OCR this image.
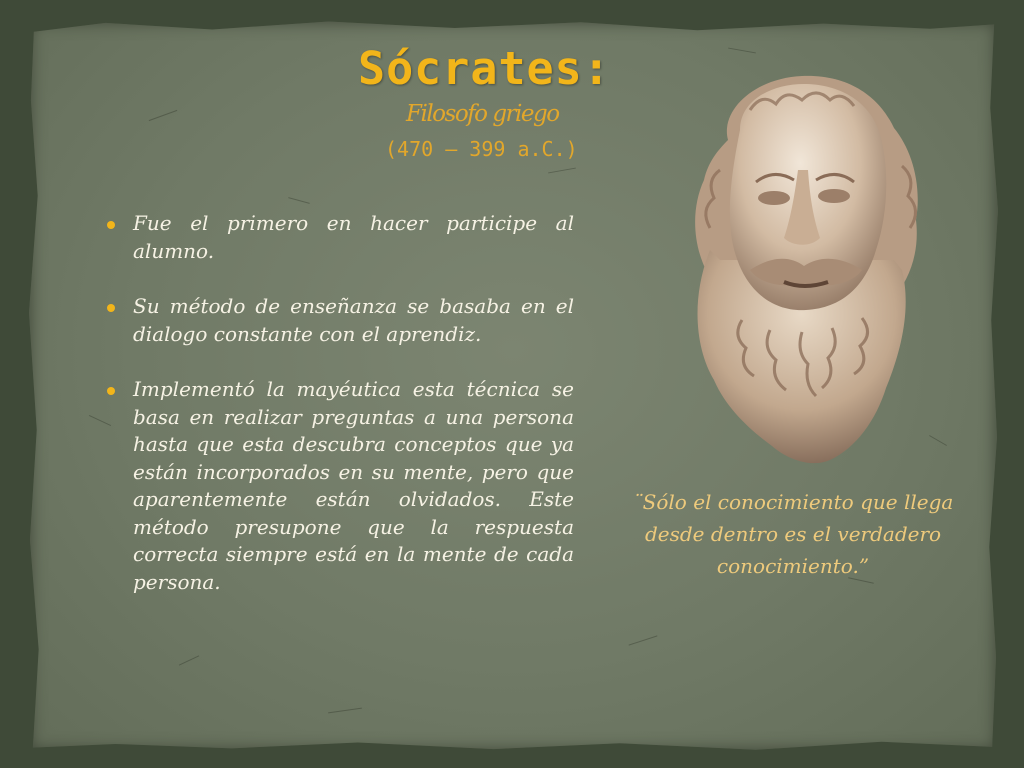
Sócrates:
Filosofo griego
(470 – 399 a.C.)
Fue el primero en hacer participe al alumno.
Su método de enseñanza se basaba en el dialogo constante con el aprendiz.
Implementó la mayéutica esta técnica se basa en realizar preguntas a una persona hasta que esta descubra conceptos que ya están incorporados en su mente, pero que aparentemente están olvidados. Este método presupone que la respuesta correcta siempre está en la mente de cada persona.

¨Sólo el conocimiento que llega desde dentro es el verdadero conocimiento.”
